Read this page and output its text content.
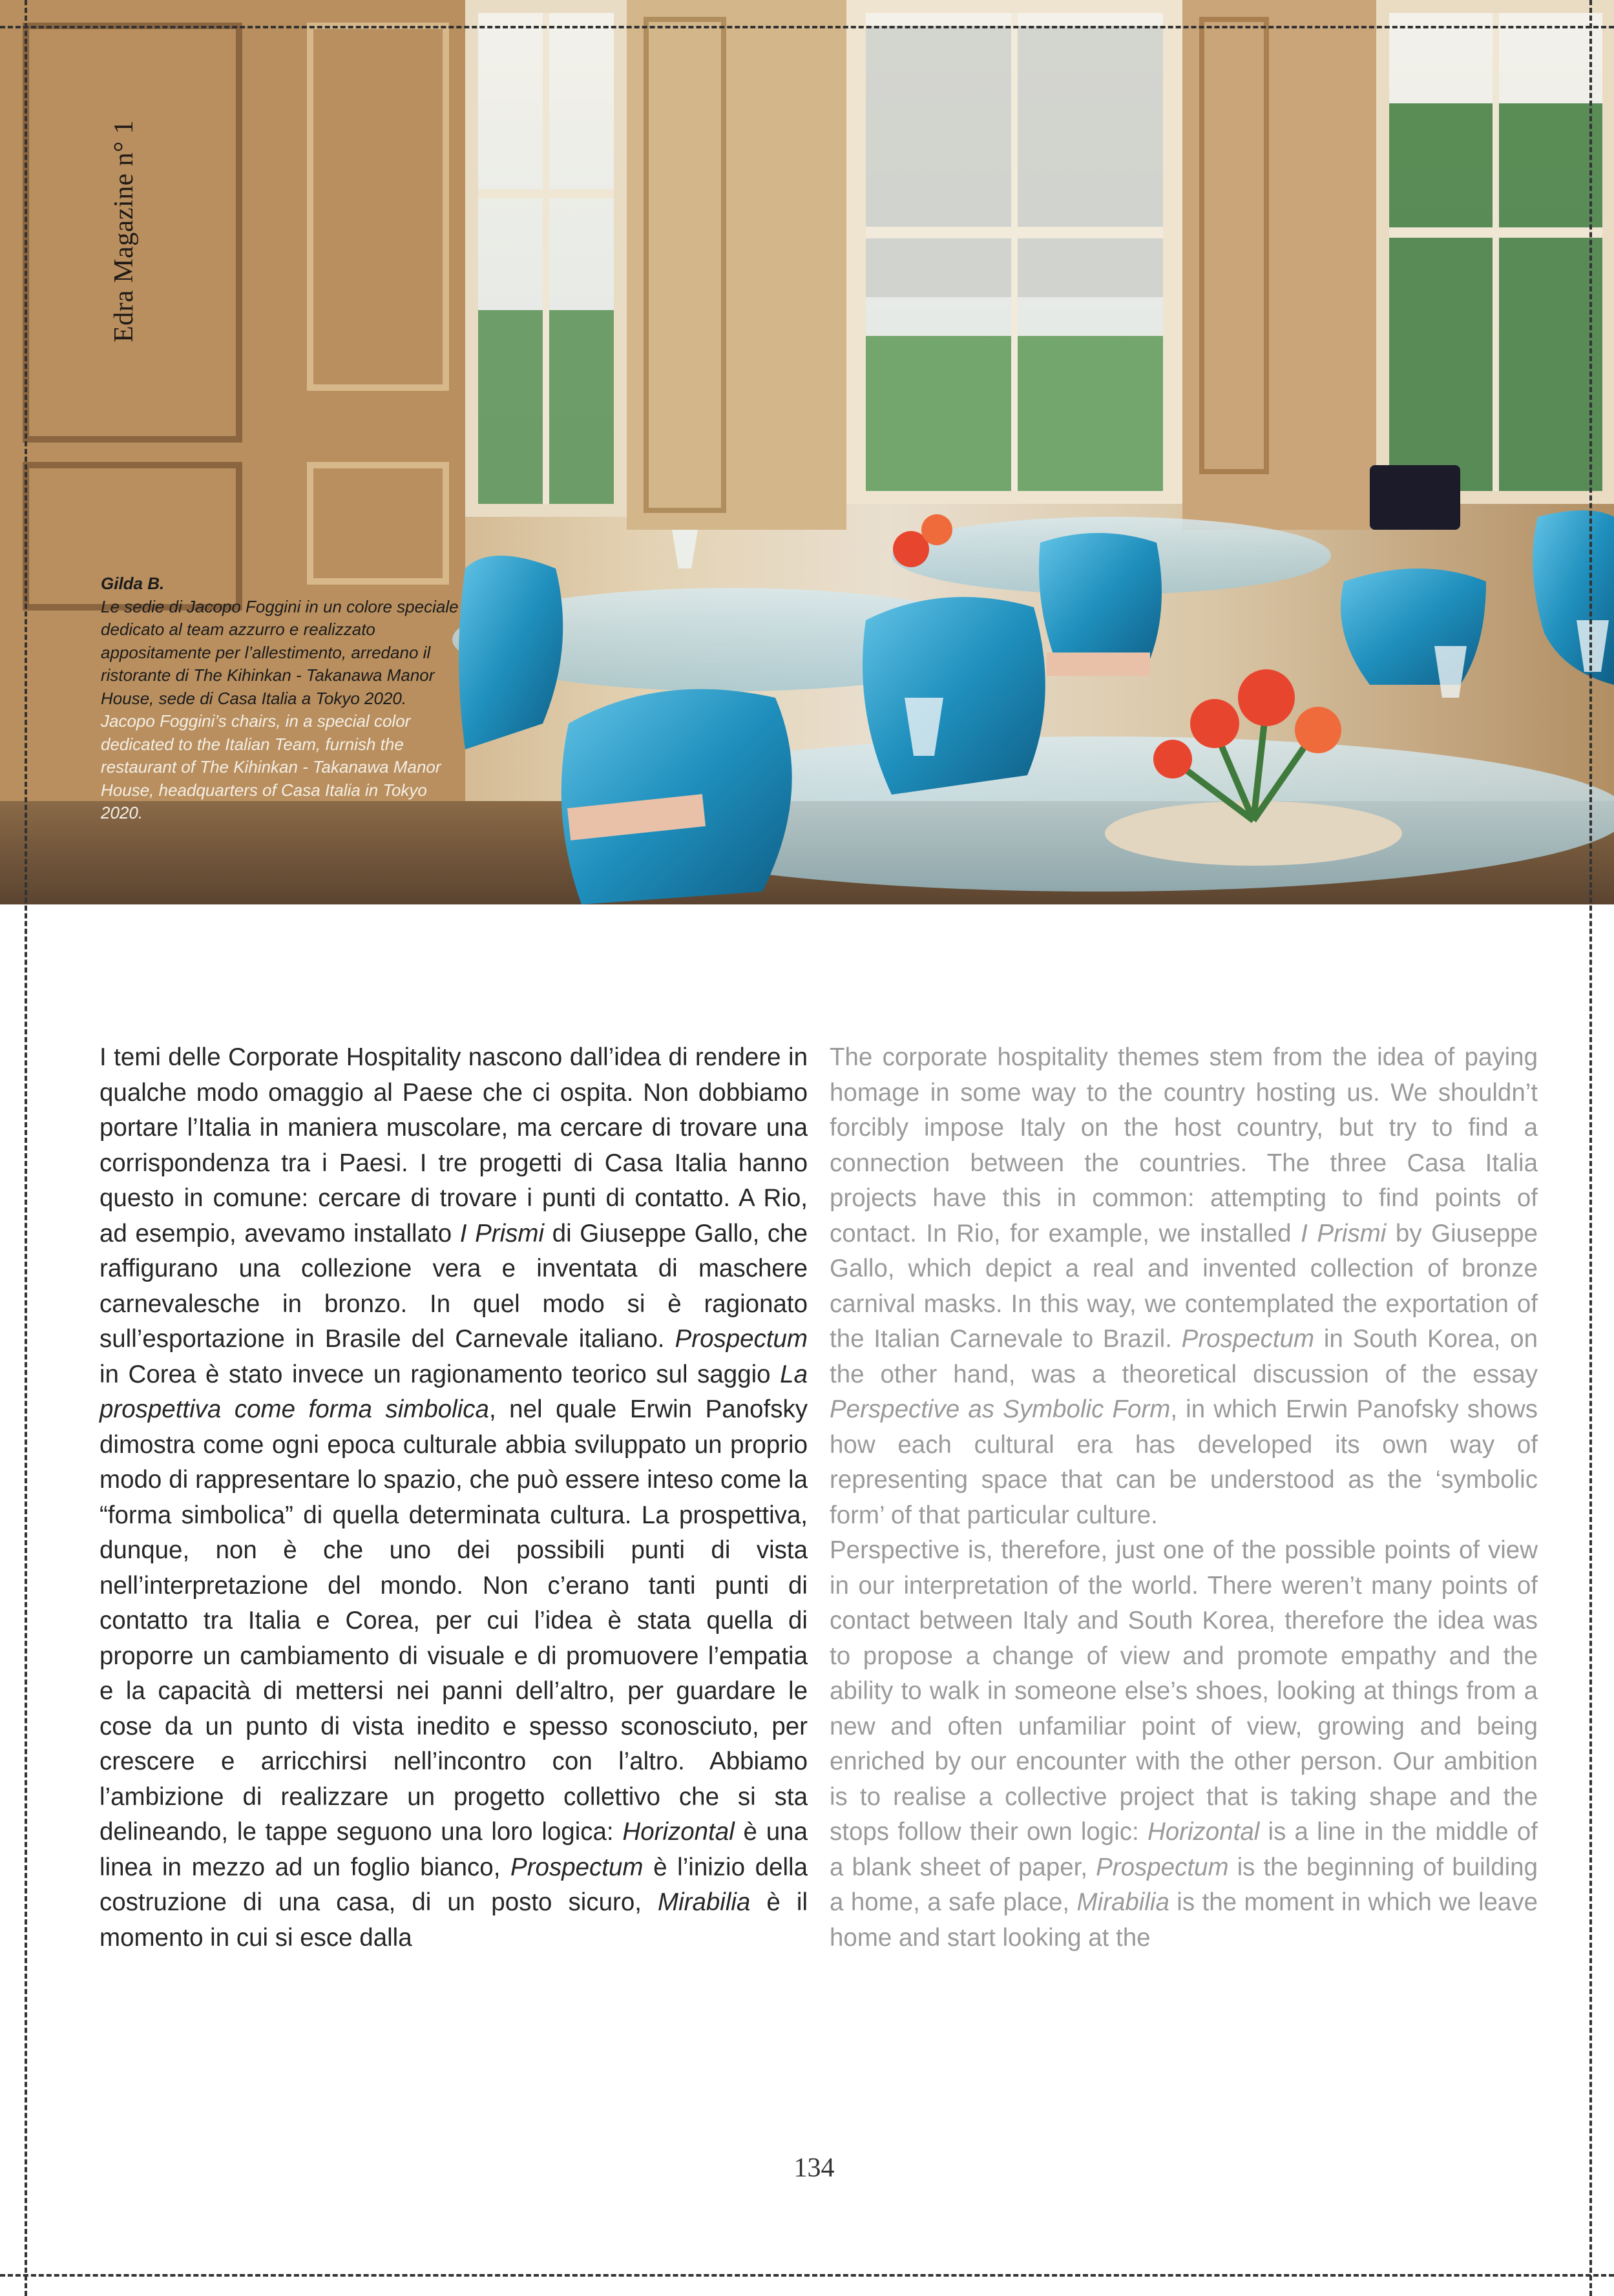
Edra Magazine n° 1
Gilda B.
Le sedie di Jacopo Foggini in un colore speciale dedicato al team azzurro e realizzato appositamente per l’allestimento, arredano il ristorante di The Kihinkan - Takanawa Manor House, sede di Casa Italia a Tokyo 2020.
Jacopo Foggini’s chairs, in a special color dedicated to the Italian Team, furnish the restaurant of The Kihinkan - Takanawa Manor House, headquarters of Casa Italia in Tokyo 2020.

I temi delle Corporate Hospitality nascono dall’idea di rendere in qualche modo omaggio al Paese che ci ospita. Non dobbiamo portare l’Italia in maniera muscolare, ma cercare di trovare una corrispondenza tra i Paesi. I tre progetti di Casa Italia hanno questo in comune: cercare di trovare i punti di contatto. A Rio, ad esempio, avevamo installato I Prismi di Giuseppe Gallo, che raffigurano una collezione vera e inventata di maschere carnevalesche in bronzo. In quel modo si è ragionato sull’esportazione in Brasile del Carnevale italiano. Prospectum in Corea è stato invece un ragionamento teorico sul saggio La prospettiva come forma simbolica, nel quale Erwin Panofsky dimostra come ogni epoca culturale abbia sviluppato un proprio modo di rappresentare lo spazio, che può essere inteso come la “forma simbolica” di quella determinata cultura. La prospettiva, dunque, non è che uno dei possibili punti di vista nell’interpretazione del mondo. Non c’erano tanti punti di contatto tra Italia e Corea, per cui l’idea è stata quella di proporre un cambiamento di visuale e di promuovere l’empatia e la capacità di mettersi nei panni dell’altro, per guardare le cose da un punto di vista inedito e spesso sconosciuto, per crescere e arricchirsi nell’incontro con l’altro. Abbiamo l’ambizione di realizzare un progetto collettivo che si sta delineando, le tappe seguono una loro logica: Horizontal è una linea in mezzo ad un foglio bianco, Prospectum è l’inizio della costruzione di una casa, di un posto sicuro, Mirabilia è il momento in cui si esce dalla

The corporate hospitality themes stem from the idea of paying homage in some way to the country hosting us. We shouldn’t forcibly impose Italy on the host country, but try to find a connection between the countries. The three Casa Italia projects have this in common: attempting to find points of contact. In Rio, for example, we installed I Prismi by Giuseppe Gallo, which depict a real and invented collection of bronze carnival masks. In this way, we contemplated the exportation of the Italian Carnevale to Brazil. Prospectum in South Korea, on the other hand, was a theoretical discussion of the essay Perspective as Symbolic Form, in which Erwin Panofsky shows how each cultural era has developed its own way of representing space that can be understood as the ‘symbolic form’ of that particular culture.

Perspective is, therefore, just one of the possible points of view in our interpretation of the world. There weren’t many points of contact between Italy and South Korea, therefore the idea was to propose a change of view and promote empathy and the ability to walk in someone else’s shoes, looking at things from a new and often unfamiliar point of view, growing and being enriched by our encounter with the other person. Our ambition is to realise a collective project that is taking shape and the stops follow their own logic: Horizontal is a line in the middle of a blank sheet of paper, Prospectum is the beginning of building a home, a safe place, Mirabilia is the moment in which we leave home and start looking at the

134
